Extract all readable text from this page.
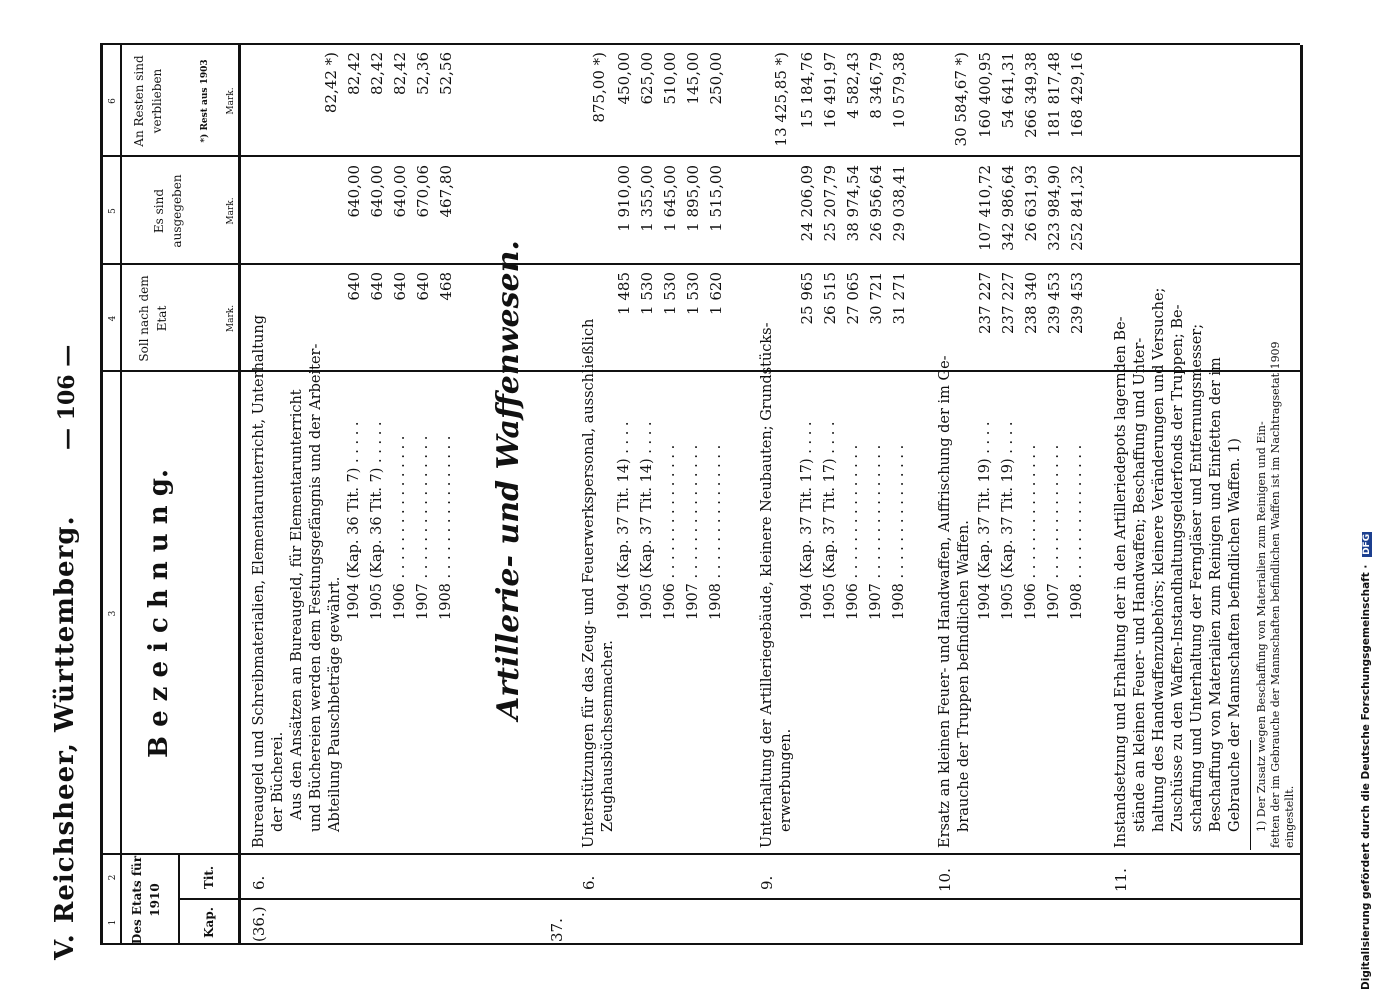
V. Reichsheer, Württemberg.
— 106 —
1
2
3
4
5
6
Des Etats für 1910
Kap.
Tit.
B e z e i c h n u n g.
Soll nach dem Etat
Es sind ausgegeben
An Resten sind verblieben	*) Rest aus 1903
Mark.
Mark.
Mark.
(36.)
6.
Bureaugeld und Schreibmaterialien, Elementarunterricht, Unterhaltung der Bücherei. Aus den Ansätzen an Bureaugeld, für Elementarunterricht und Büchereien werden dem Festungsgefängnis und der Arbeiter- Abteilung Pauschbeträge gewährt.
82,42 *)
1904 (Kap. 36 Tit. 7) . . . . .
640
640,00
82,42
1905 (Kap. 36 Tit. 7) . . . . .
640
640,00
82,42
1906 . . . . . . . . . . . . . . . .
640
640,00
82,42
1907 . . . . . . . . . . . . . . . .
640
670,06
52,36
1908 . . . . . . . . . . . . . . . .
468
467,80
52,56
Artillerie- und Waffenwesen.
37.
6.
Unterstützungen für das Zeug- und Feuerwerkspersonal, ausschließlich Zeughausbüchsenmacher.
875,00 *)
1904 (Kap. 37 Tit. 14) . . . .
1 485
1 910,00
450,00
1905 (Kap. 37 Tit. 14) . . . .
1 530
1 355,00
625,00
1906 . . . . . . . . . . . . . . .
1 530
1 645,00
510,00
1907 . . . . . . . . . . . . . . .
1 530
1 895,00
145,00
1908 . . . . . . . . . . . . . . .
1 620
1 515,00
250,00
9.
Unterhaltung der Artilleriegebäude, kleinere Neubauten; Grundstücks- erwerbungen.
13 425,85 *)
1904 (Kap. 37 Tit. 17) . . . .
25 965
24 206,09
15 184,76
1905 (Kap. 37 Tit. 17) . . . .
26 515
25 207,79
16 491,97
1906 . . . . . . . . . . . . . . .
27 065
38 974,54
4 582,43
1907 . . . . . . . . . . . . . . .
30 721
26 956,64
8 346,79
1908 . . . . . . . . . . . . . . .
31 271
29 038,41
10 579,38
10.
Ersatz an kleinen Feuer- und Handwaffen, Auffrischung der im Ge- brauche der Truppen befindlichen Waffen.
30 584,67 *)
1904 (Kap. 37 Tit. 19) . . . .
237 227
107 410,72
160 400,95
1905 (Kap. 37 Tit. 19) . . . .
237 227
342 986,64
54 641,31
1906 . . . . . . . . . . . . . . .
238 340
26 631,93
266 349,38
1907 . . . . . . . . . . . . . . .
239 453
323 984,90
181 817,48
1908 . . . . . . . . . . . . . . .
239 453
252 841,32
168 429,16
11.
Instandsetzung und Erhaltung der in den Artilleriedepots lagernden Be- stände an kleinen Feuer- und Handwaffen; Beschaffung und Unter- haltung des Handwaffenzubehörs; kleinere Veränderungen und Versuche; Zuschüsse zu den Waffen-Instandhaltungsgelderfonds der Truppen; Be- schaffung und Unterhaltung der Ferngläser und Entfernungsmesser; Beschaffung von Materialien zum Reinigen und Einfetten der im Gebrauche der Mannschaften befindlichen Waffen. 1) 1) Der Zusatz wegen Beschaffung von Materialien zum Reinigen und Ein- fetten der im Gebrauche der Mannschaften befindlichen Waffen ist im Nachtragsetat 1909 eingestellt.	Digitalisierung gefördert durch die Deutsche Forschungsgemeinschaft · DFG
